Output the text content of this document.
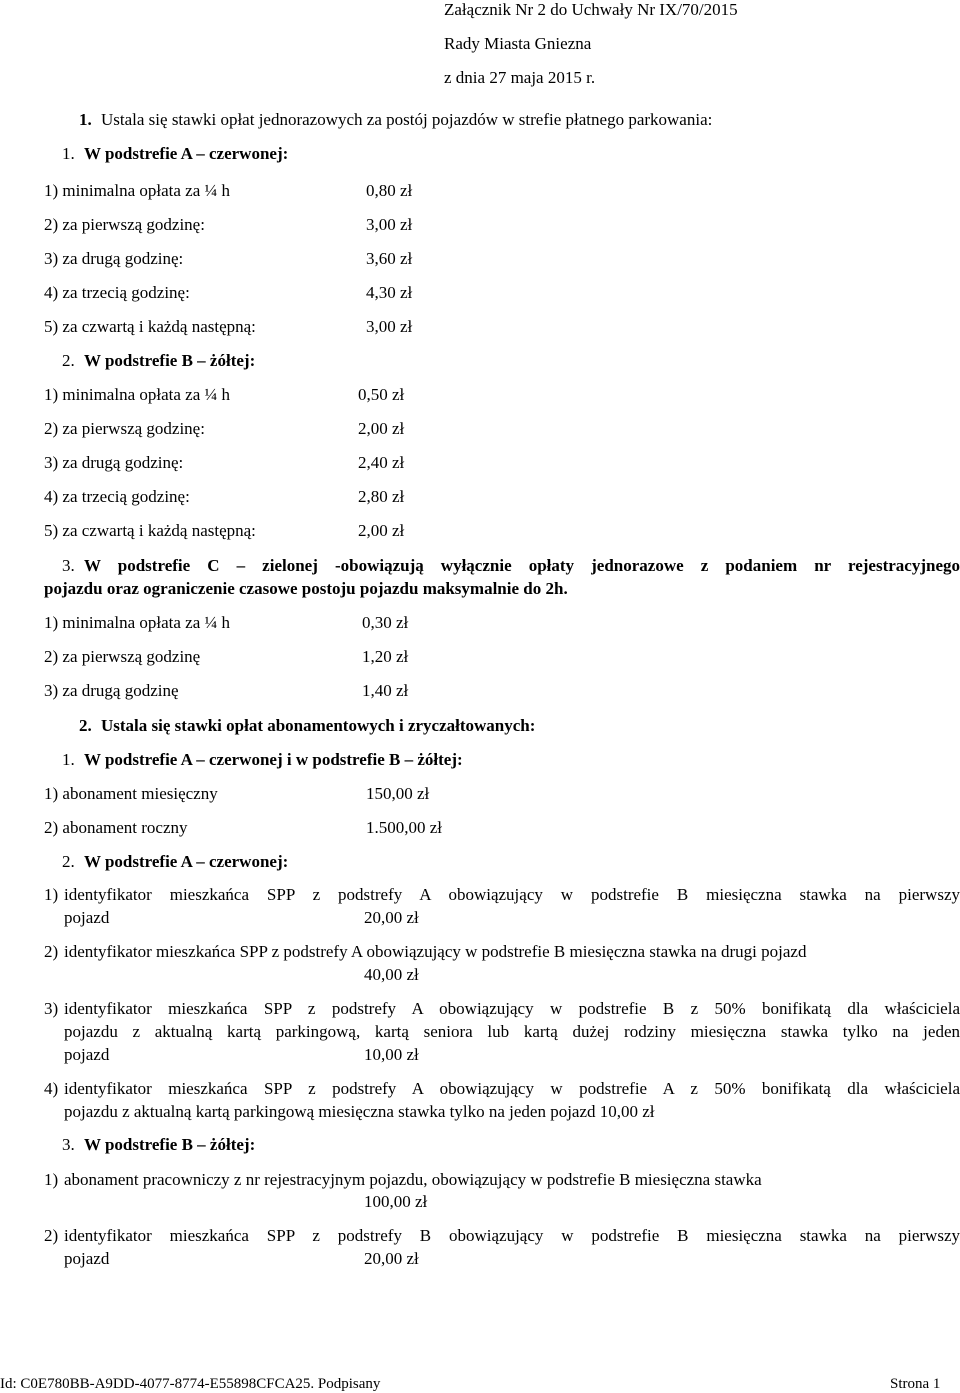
Załącznik Nr 2 do Uchwały Nr IX/70/2015
Rady Miasta Gniezna
z dnia 27 maja 2015 r.
1. Ustala się stawki opłat jednorazowych za postój pojazdów w strefie płatnego parkowania:
1. W podstrefie A – czerwonej:
1) minimalna opłata za ¼ h	0,80 zł
2) za pierwszą godzinę:	3,00 zł
3) za drugą godzinę:	3,60 zł
4) za trzecią godzinę:	4,30 zł
5) za czwartą i każdą następną:	3,00 zł
2. W podstrefie B – żółtej:
1) minimalna opłata za ¼ h	0,50 zł
2) za pierwszą godzinę:	2,00 zł
3) za drugą godzinę:	2,40 zł
4) za trzecią godzinę:	2,80 zł
5) za czwartą i każdą następną:	2,00 zł
3. W podstrefie C – zielonej -obowiązują wyłącznie opłaty jednorazowe z podaniem nr rejestracyjnego
pojazdu oraz ograniczenie czasowe postoju pojazdu maksymalnie do 2h.
1) minimalna opłata za ¼ h	0,30 zł
2) za pierwszą godzinę	1,20 zł
3) za drugą godzinę	1,40 zł
2. Ustala się stawki opłat abonamentowych i zryczałtowanych:
1. W podstrefie A – czerwonej i w podstrefie B – żółtej:
1) abonament miesięczny	150,00 zł
2) abonament roczny	1.500,00 zł
2. W podstrefie A – czerwonej:
1) identyfikator mieszkańca SPP z podstrefy A obowiązujący w podstrefie B miesięczna stawka na pierwszy
pojazd	20,00 zł
2) identyfikator mieszkańca SPP z podstrefy A obowiązujący w podstrefie B miesięczna stawka na drugi pojazd
40,00 zł
3) identyfikator mieszkańca SPP z podstrefy A obowiązujący w podstrefie B z 50% bonifikatą dla właściciela
pojazdu z aktualną kartą parkingową, kartą seniora lub kartą dużej rodziny miesięczna stawka tylko na jeden
pojazd	10,00 zł
4) identyfikator mieszkańca SPP z podstrefy A obowiązujący w podstrefie A z 50% bonifikatą dla właściciela
pojazdu z aktualną kartą parkingową miesięczna stawka tylko na jeden pojazd 10,00 zł
3. W podstrefie B – żółtej:
1) abonament pracowniczy z nr rejestracyjnym pojazdu, obowiązujący w podstrefie B miesięczna stawka
100,00 zł
2) identyfikator mieszkańca SPP z podstrefy B obowiązujący w podstrefie B miesięczna stawka na pierwszy
pojazd	20,00 zł
Id: C0E780BB-A9DD-4077-8774-E55898CFCA25. Podpisany	Strona 1
